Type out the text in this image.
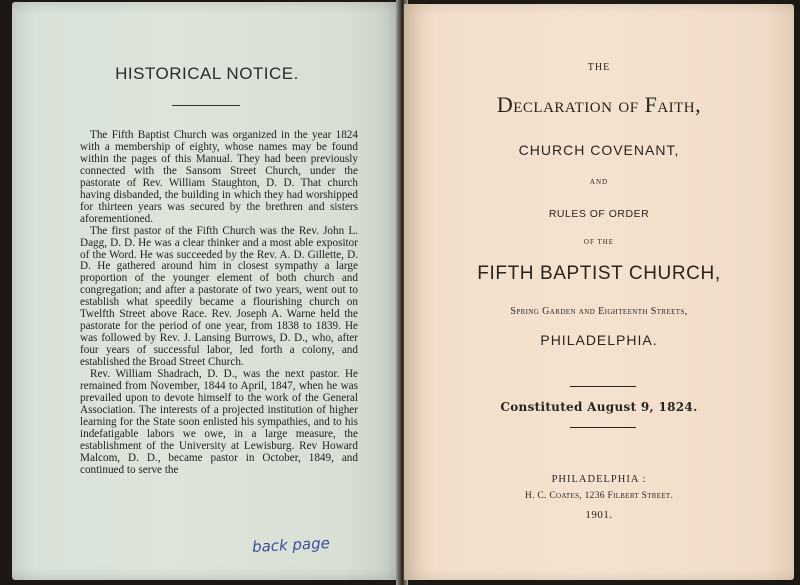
HISTORICAL NOTICE.

The Fifth Baptist Church was organized in the year 1824 with a membership of eighty, whose names may be found within the pages of this Manual. They had been previously connected with the Sansom Street Church, under the pastorate of Rev. William Staughton, D. D. That church having disbanded, the building in which they had worshipped for thirteen years was secured by the brethren and sisters aforementioned.

The first pastor of the Fifth Church was the Rev. John L. Dagg, D. D. He was a clear thinker and a most able expositor of the Word. He was succeeded by the Rev. A. D. Gillette, D. D. He gathered around him in closest sympathy a large proportion of the younger element of both church and congregation; and after a pastorate of two years, went out to establish what speedily became a flourishing church on Twelfth Street above Race. Rev. Joseph A. Warne held the pastorate for the period of one year, from 1838 to 1839. He was followed by Rev. J. Lansing Burrows, D. D., who, after four years of successful labor, led forth a colony, and established the Broad Street Church.

Rev. William Shadrach, D. D., was the next pastor. He remained from November, 1844 to April, 1847, when he was prevailed upon to devote himself to the work of the General Association. The interests of a projected institution of higher learning for the State soon enlisted his sympathies, and to his indefatigable labors we owe, in a large measure, the establishment of the University at Lewisburg. Rev Howard Malcom, D. D., became pastor in October, 1849, and continued to serve the

back page
THE
Declaration of Faith,
CHURCH COVENANT,
AND
RULES OF ORDER
OF THE
FIFTH BAPTIST CHURCH,
Spring Garden and Eighteenth Streets,
PHILADELPHIA.
Constituted August 9, 1824.
PHILADELPHIA :
H. C. Coates, 1236 Filbert Street.
1901.
